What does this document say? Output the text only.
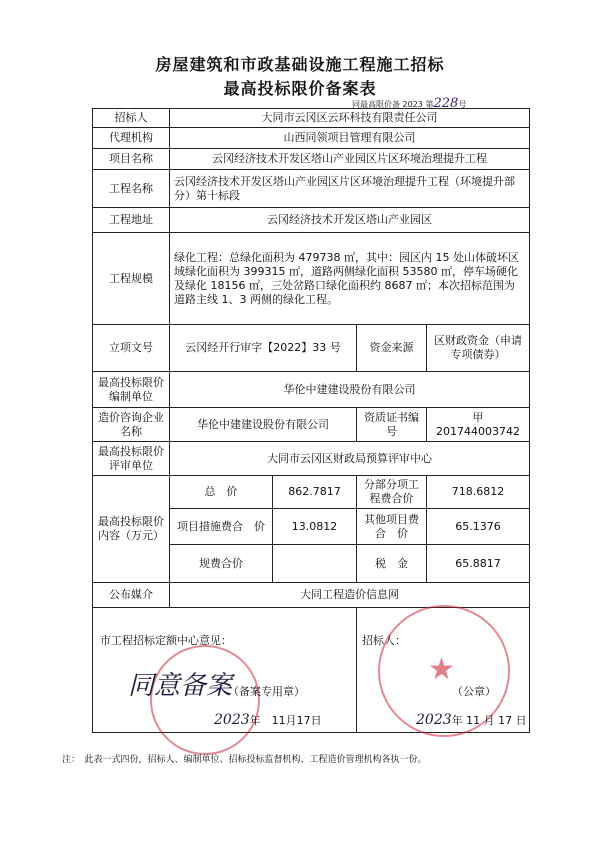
房屋建筑和市政基础设施工程施工招标
最高投标限价备案表
同最高限价备 2023 第228号
招标人	大同市云冈区云环科技有限责任公司			
代理机构	山西同领项目管理有限公司			
项目名称	云冈经济技术开发区塔山产业园区片区环境治理提升工程			
工程名称	云冈经济技术开发区塔山产业园区片区环境治理提升工程（环境提升部分）第十标段			
工程地址	云冈经济技术开发区塔山产业园区			
工程规模	绿化工程：总绿化面积为 479738 ㎡，其中：园区内 15 处山体破坏区域绿化面积为 399315 ㎡，道路两侧绿化面积 53580 ㎡，停车场硬化及绿化 18156 ㎡，三处岔路口绿化面积约 8687 ㎡；本次招标范围为道路主线 1、3 两侧的绿化工程。			
立项文号	云冈经开行审字【2022】33 号		资金来源	区财政资金（申请专项债券）
最高投标限价编制单位	华伦中建建设股份有限公司			
造价咨询企业名称	华伦中建建设股份有限公司		资质证书编　　号	甲 201744003742
最高投标限价评审单位	大同市云冈区财政局预算评审中心			
最高投标限价内容（万元）	总　价	862.7817	分部分项工程费合价	718.6812
	项目措施费合　价	13.0812	其他项目费合　价	65.1376
	规费合价		税　金	65.8817
公布媒介	大同工程造价信息网			

市工程招标定额中心意见：
同意备案
（备案专用章）
2023年　11月17日
招标人：
★
（公章）
2023年 11 月 17 日
注：　此表一式四份，招标人、编制单位、招标投标监督机构、工程造价管理机构各执一份。
